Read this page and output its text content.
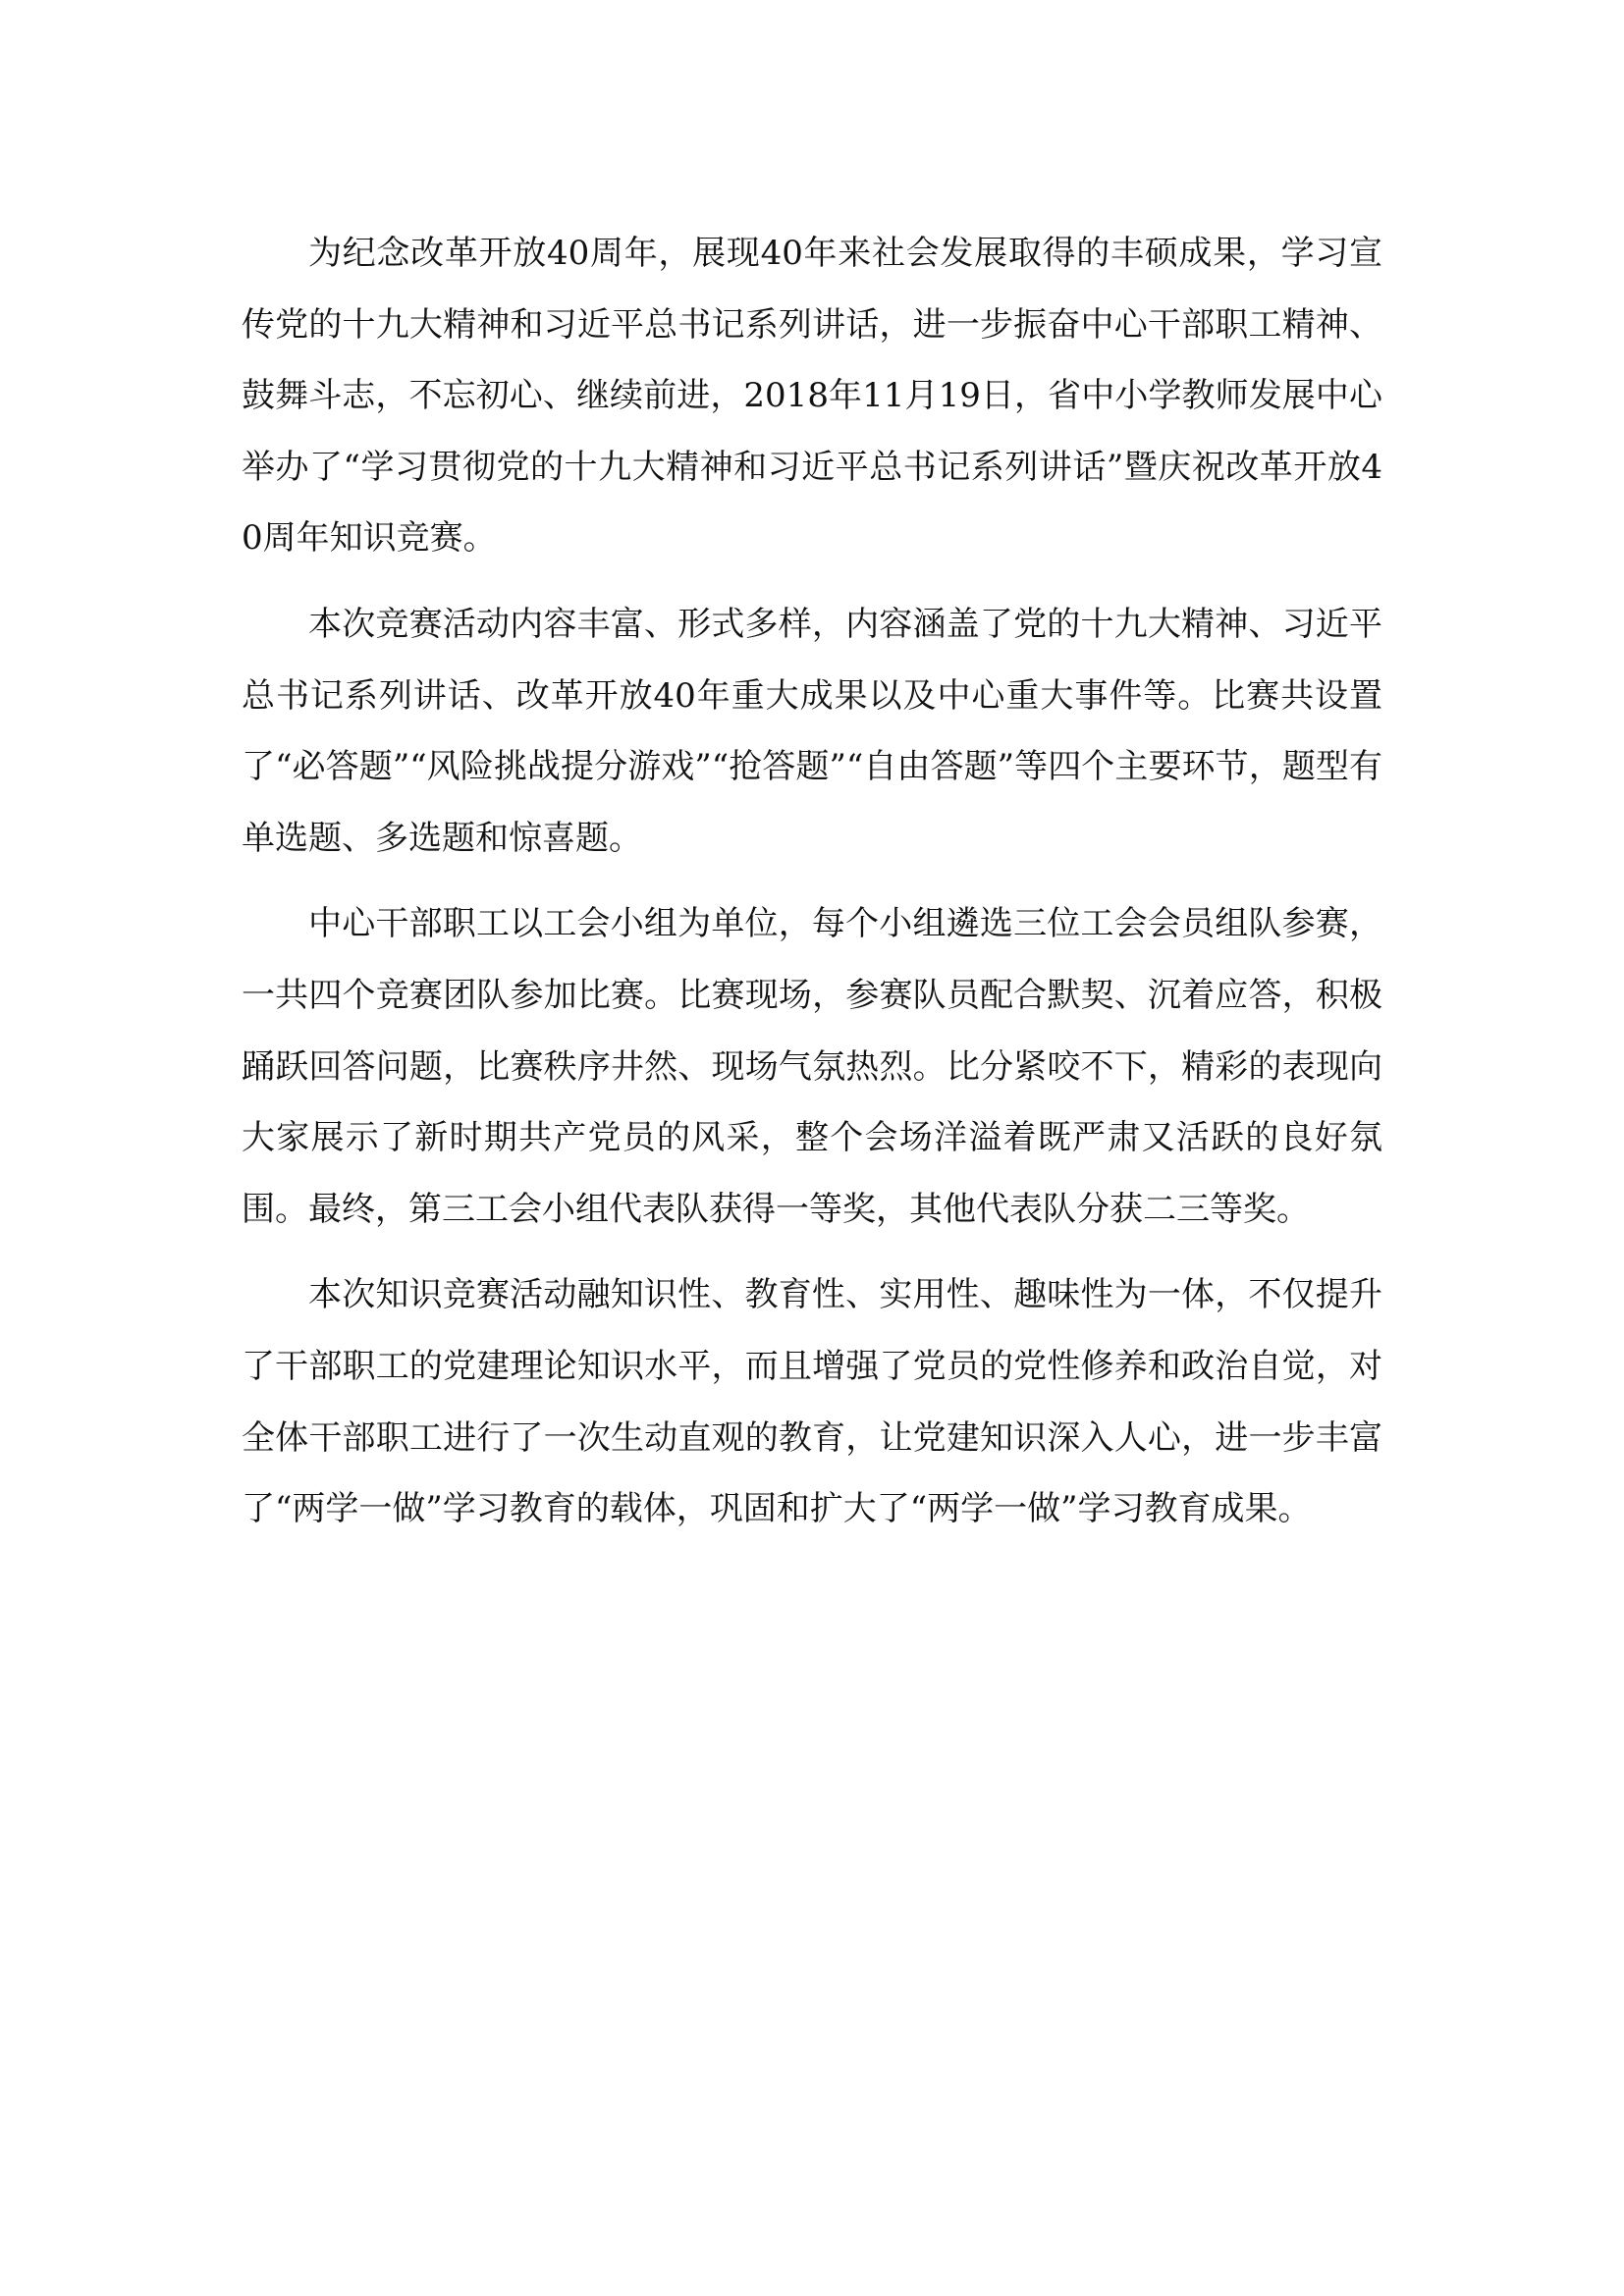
为纪念改革开放40周年，展现40年来社会发展取得的丰硕成果，学习宣传党的十九大精神和习近平总书记系列讲话，进一步振奋中心干部职工精神、鼓舞斗志，不忘初心、继续前进，2018年11月19日，省中小学教师发展中心举办了“学习贯彻党的十九大精神和习近平总书记系列讲话”暨庆祝改革开放40周年知识竞赛。

本次竞赛活动内容丰富、形式多样，内容涵盖了党的十九大精神、习近平总书记系列讲话、改革开放40年重大成果以及中心重大事件等。比赛共设置了“必答题”“风险挑战提分游戏”“抢答题”“自由答题”等四个主要环节，题型有单选题、多选题和惊喜题。

中心干部职工以工会小组为单位，每个小组遴选三位工会会员组队参赛，一共四个竞赛团队参加比赛。比赛现场，参赛队员配合默契、沉着应答，积极踊跃回答问题，比赛秩序井然、现场气氛热烈。比分紧咬不下，精彩的表现向大家展示了新时期共产党员的风采，整个会场洋溢着既严肃又活跃的良好氛围。最终，第三工会小组代表队获得一等奖，其他代表队分获二三等奖。

本次知识竞赛活动融知识性、教育性、实用性、趣味性为一体，不仅提升了干部职工的党建理论知识水平，而且增强了党员的党性修养和政治自觉，对全体干部职工进行了一次生动直观的教育，让党建知识深入人心，进一步丰富了“两学一做”学习教育的载体，巩固和扩大了“两学一做”学习教育成果。
